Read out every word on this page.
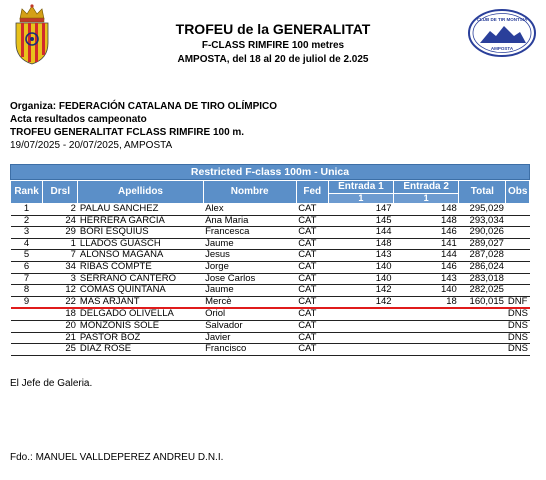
CLUB DE TIR MONTSIA
AMPOSTA
TROFEU de la GENERALITAT
F-CLASS RIMFIRE 100 metres
AMPOSTA, del 18 al 20 de juliol de 2.025
Organiza: FEDERACIÓN CATALANA DE TIRO OLÍMPICO
Acta resultados campeonato
TROFEU GENERALITAT FCLASS RIMFIRE 100 m.
19/07/2025 - 20/07/2025, AMPOSTA
Restricted F-class 100m - Unica
Rank	Drsl	Apellidos	Nombre	Fed	Entrada 1	Entrada 2	Total	Obs
					1	1		
1	2	PALAU SANCHEZ	Alex	CAT	147	148	295,029	
2	24	HERRERA GARCIA	Ana Maria	CAT	145	148	293,034	
3	29	BORI ESQUIUS	Francesca	CAT	144	146	290,026	
4	1	LLADOS GUASCH	Jaume	CAT	148	141	289,027	
5	7	ALONSO MAGAÑA	Jesus	CAT	143	144	287,028	
6	34	RIBAS COMPTE	Jorge	CAT	140	146	286,024	
7	3	SERRANO CANTERO	Jose Carlos	CAT	140	143	283,018	
8	12	COMAS QUINTANA	Jaume	CAT	142	140	282,025	
9	22	MAS ARJANT	Mercè	CAT	142	18	160,015	DNF
	18	DELGADO OLIVELLA	Oriol	CAT				DNS
	20	MONZONIS SOLÉ	Salvador	CAT				DNS
	21	PASTOR BOZ	Javier	CAT				DNS
	25	DIAZ ROSE	Francisco	CAT				DNS
El Jefe de Galeria.
Fdo.: MANUEL VALLDEPEREZ ANDREU D.N.I.
